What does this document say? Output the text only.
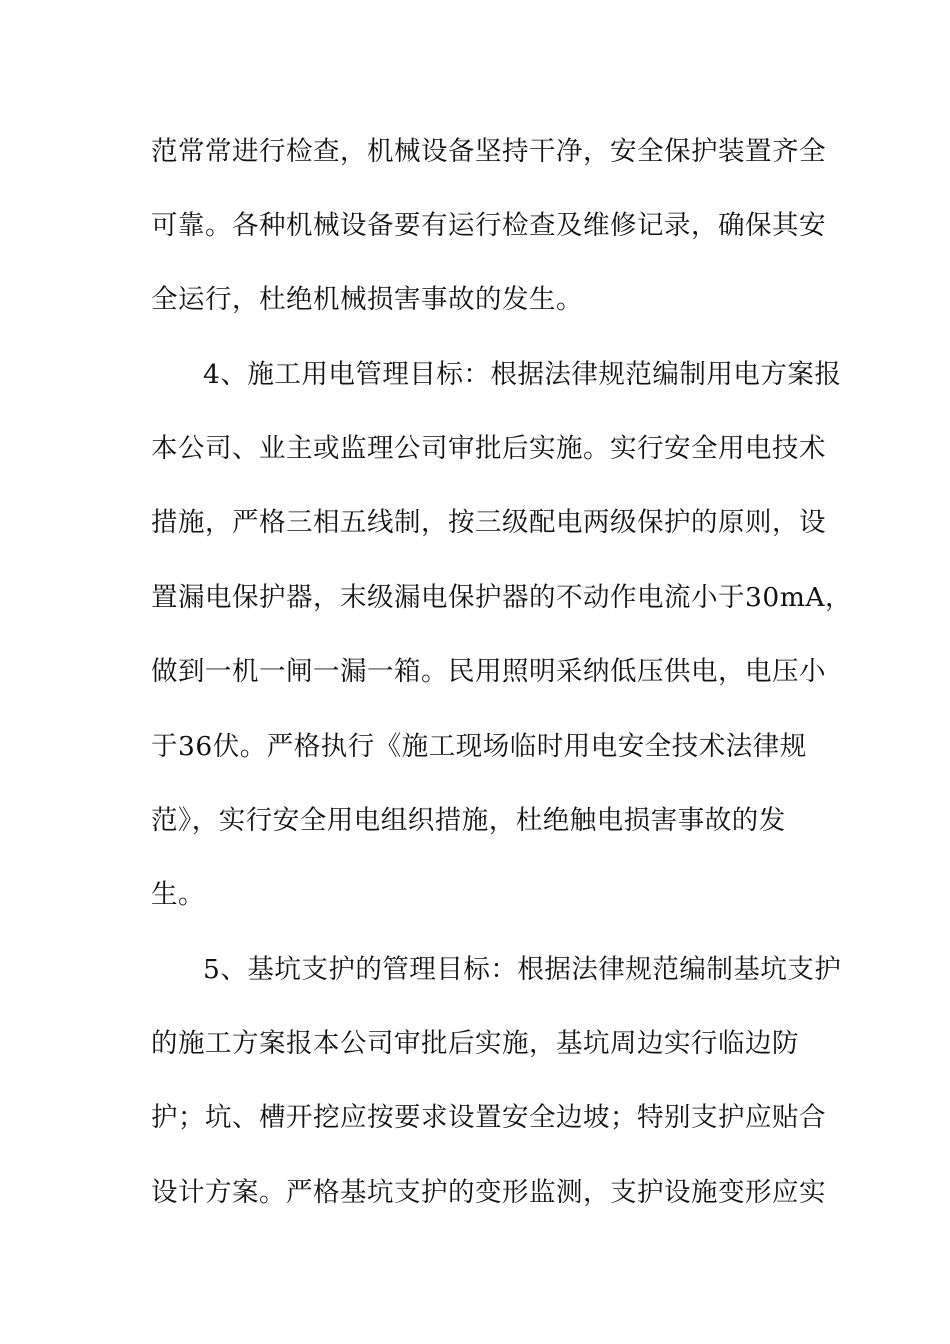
范常常进行检查，机械设备坚持干净，安全保护装置齐全
可靠。各种机械设备要有运行检查及维修记录，确保其安
全运行，杜绝机械损害事故的发生。
4、施工用电管理目标：根据法律规范编制用电方案报
本公司、业主或监理公司审批后实施。实行安全用电技术
措施，严格三相五线制，按三级配电两级保护的原则，设
置漏电保护器，末级漏电保护器的不动作电流小于30mA，
做到一机一闸一漏一箱。民用照明采纳低压供电，电压小
于36伏。严格执行《施工现场临时用电安全技术法律规
范》，实行安全用电组织措施，杜绝触电损害事故的发
生。
5、基坑支护的管理目标：根据法律规范编制基坑支护
的施工方案报本公司审批后实施，基坑周边实行临边防
护；坑、槽开挖应按要求设置安全边坡；特别支护应贴合
设计方案。严格基坑支护的变形监测，支护设施变形应实
